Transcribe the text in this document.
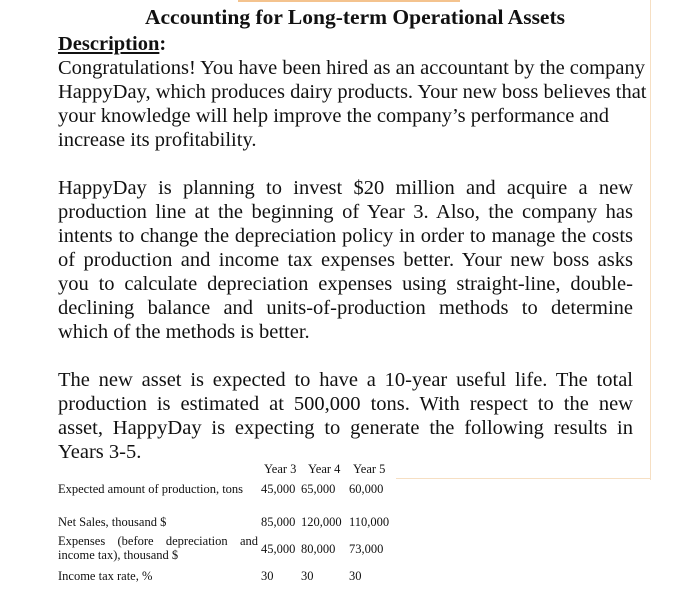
Accounting for Long-term Operational Assets
Description:

Congratulations! You have been hired as an accountant by the company HappyDay, which produces dairy products. Your new boss believes that your knowledge will help improve the company’s performance and increase its profitability.

HappyDay is planning to invest $20 million and acquire a new production line at the beginning of Year 3. Also, the company has intents to change the depreciation policy in order to manage the costs of production and income tax expenses better. Your new boss asks you to calculate depreciation expenses using straight-line, double-declining balance and units-of-production methods to determine which of the methods is better.

The new asset is expected to have a 10-year useful life. The total production is estimated at 500,000 tons. With respect to the new asset, HappyDay is expecting to generate the following results in Years 3-5.

Year 3 Year 4 Year 5
Expected amount of production, tons	45,000 65,000 60,000
Net Sales, thousand $	85,000 120,000 110,000
Expenses (before depreciation and income tax), thousand $	45,000 80,000 73,000
Income tax rate, %	30 30	30
